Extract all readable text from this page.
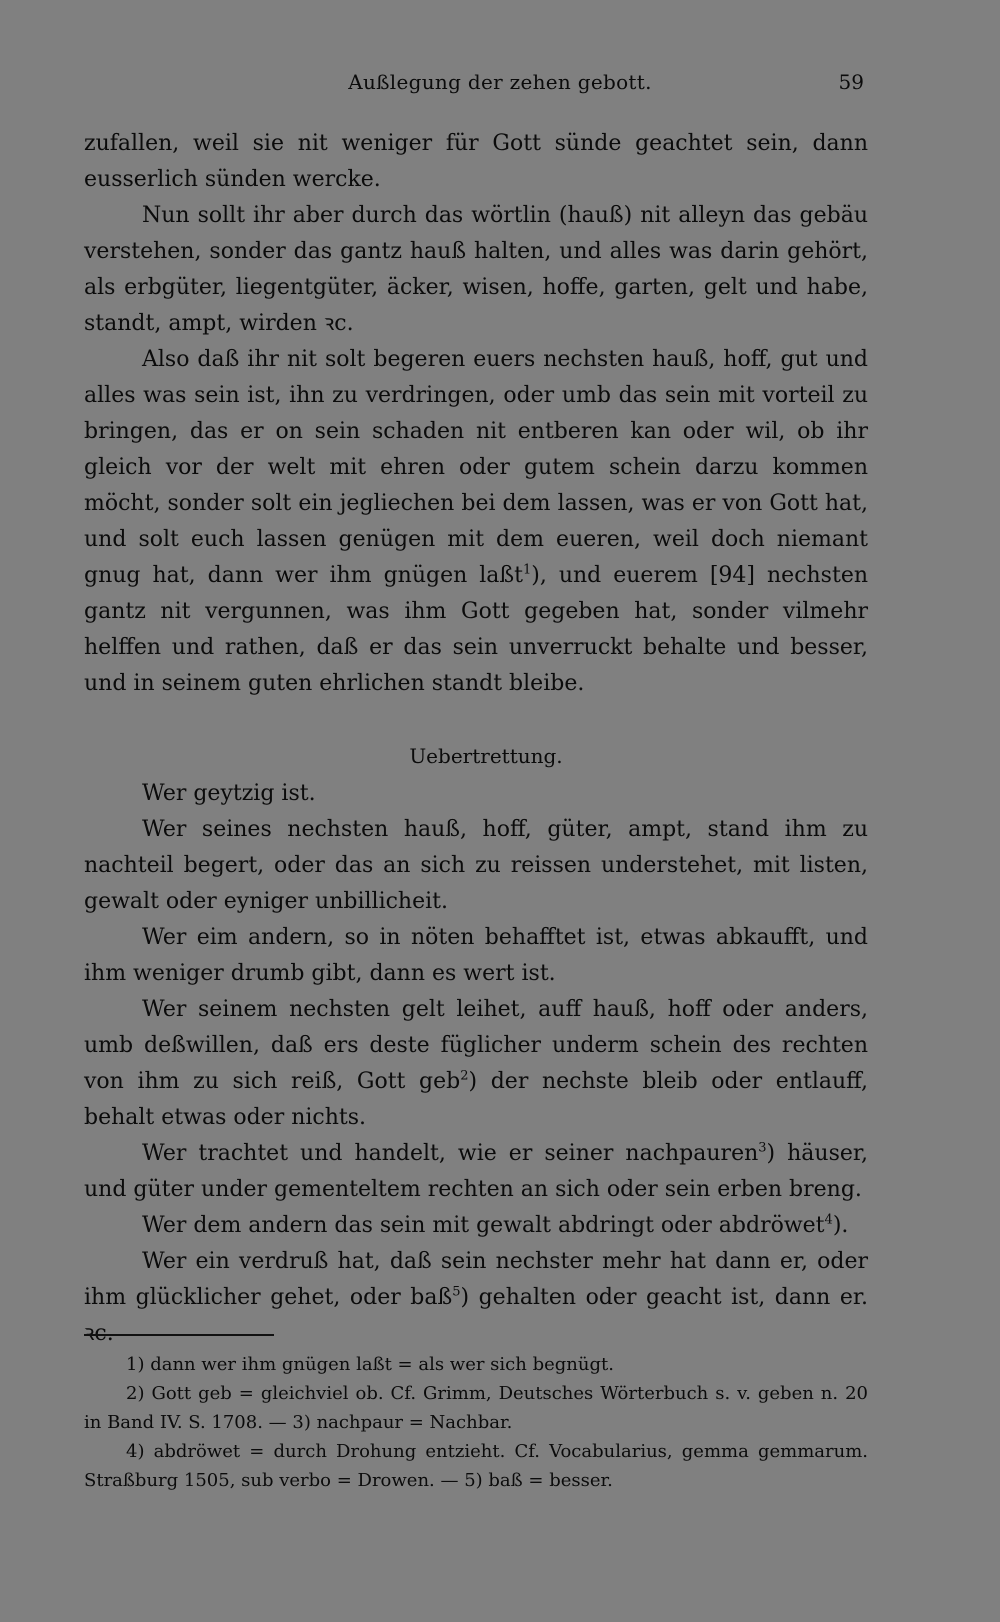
Außlegung der zehen gebott.	59

zufallen, weil sie nit weniger für Gott sünde geachtet sein, dann eusserlich sünden wercke.

Nun sollt ihr aber durch das wörtlin (hauß) nit alleyn das gebäu verstehen, sonder das gantz hauß halten, und alles was darin gehört, als erbgüter, liegentgüter, äcker, wisen, hoffe, garten, gelt und habe, standt, ampt, wirden ꝛc.

Also daß ihr nit solt begeren euers nechsten hauß, hoff, gut und alles was sein ist, ihn zu verdringen, oder umb das sein mit vorteil zu bringen, das er on sein schaden nit entberen kan oder wil, ob ihr gleich vor der welt mit ehren oder gutem schein darzu kommen möcht, sonder solt ein jegliechen bei dem lassen, was er von Gott hat, und solt euch lassen genügen mit dem eueren, weil doch niemant gnug hat, dann wer ihm gnügen laßt$^1$), und euerem [94] nechsten gantz nit vergunnen, was ihm Gott gegeben hat, sonder vilmehr helffen und rathen, daß er das sein unverruckt behalte und besser, und in seinem guten ehrlichen standt bleibe.

Uebertrettung.

Wer geytzig ist.

Wer seines nechsten hauß, hoff, güter, ampt, stand ihm zu nachteil begert, oder das an sich zu reissen understehet, mit listen, gewalt oder eyniger unbillicheit.

Wer eim andern, so in nöten behafftet ist, etwas abkaufft, und ihm weniger drumb gibt, dann es wert ist.

Wer seinem nechsten gelt leihet, auff hauß, hoff oder anders, umb deßwillen, daß ers deste füglicher underm schein des rechten von ihm zu sich reiß, Gott geb$^2$) der nechste bleib oder entlauff, behalt etwas oder nichts.

Wer trachtet und handelt, wie er seiner nachpauren$^3$) häuser, und güter under gementeltem rechten an sich oder sein erben breng.

Wer dem andern das sein mit gewalt abdringt oder abdröwet$^4$).

Wer ein verdruß hat, daß sein nechster mehr hat dann er, oder ihm glücklicher gehet, oder baß$^5$) gehalten oder geacht ist, dann er. ꝛc.

1) dann wer ihm gnügen laßt = als wer sich begnügt.

2) Gott geb = gleichviel ob. Cf. Grimm, Deutsches Wörterbuch s. v. geben n. 20 in Band IV. S. 1708. — 3) nachpaur = Nachbar.

4) abdröwet = durch Drohung entzieht. Cf. Vocabularius, gemma gemmarum. Straßburg 1505, sub verbo = Drowen. — 5) baß = besser.
